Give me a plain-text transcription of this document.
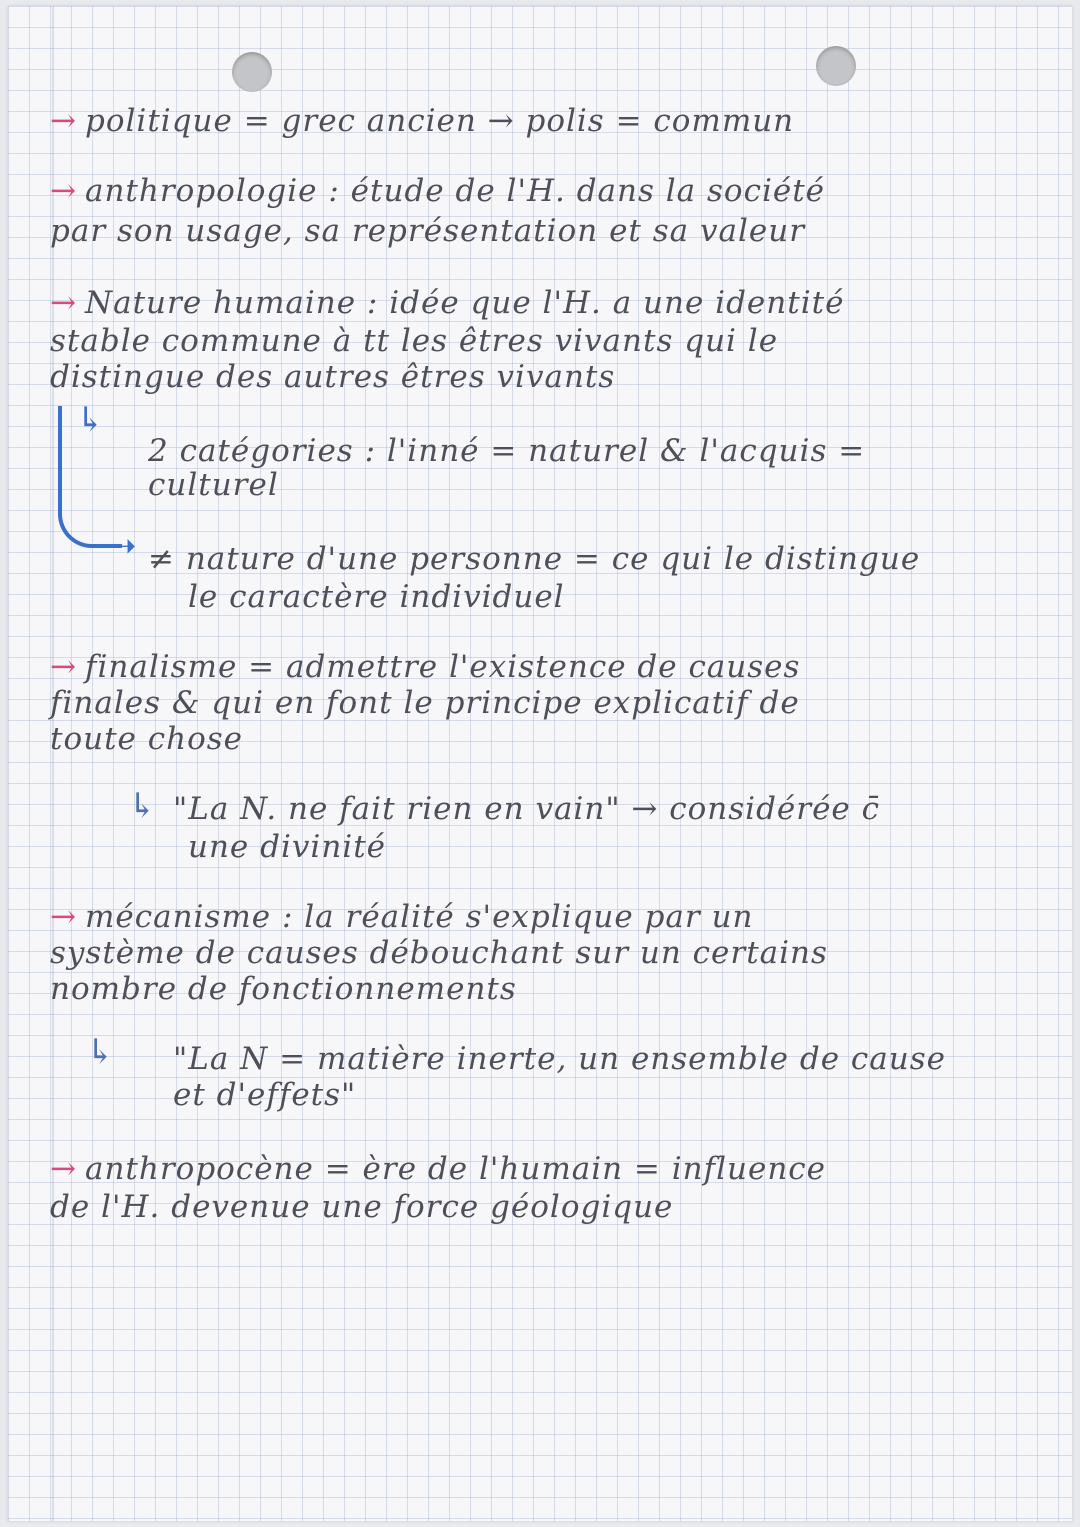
→ politique = grec ancien → polis = commun
→ anthropologie : étude de l'H. dans la société
par son usage, sa représentation et sa valeur
→ Nature humaine : idée que l'H. a une identité
stable commune à tt les êtres vivants qui le
distingue des autres êtres vivants
↳
➝
2 catégories : l'inné = naturel & l'acquis =
culturel
≠ nature d'une personne = ce qui le distingue
le caractère individuel
→ finalisme = admettre l'existence de causes
finales & qui en font le principe explicatif de
toute chose
↳ "La N. ne fait rien en vain" → considérée c̄
une divinité
→ mécanisme : la réalité s'explique par un
système de causes débouchant sur un certains
nombre de fonctionnements
↳ "La N = matière inerte, un ensemble de cause
et d'effets"
→ anthropocène = ère de l'humain = influence
de l'H. devenue une force géologique
